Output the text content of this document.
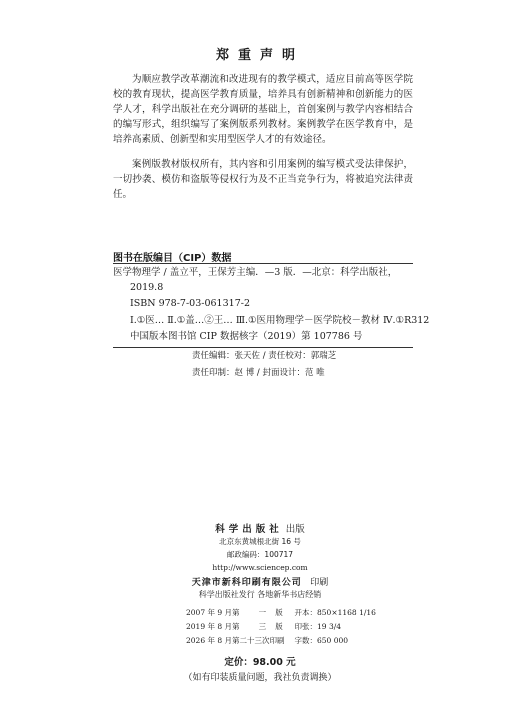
郑重声明

为顺应教学改革潮流和改进现有的教学模式，适应目前高等医学院校的教育现状，提高医学教育质量，培养具有创新精神和创新能力的医学人才，科学出版社在充分调研的基础上，首创案例与教学内容相结合的编写形式，组织编写了案例版系列教材。案例教学在医学教育中，是培养高素质、创新型和实用型医学人才的有效途径。

案例版教材版权所有，其内容和引用案例的编写模式受法律保护，一切抄袭、模仿和盗版等侵权行为及不正当竞争行为，将被追究法律责任。

图书在版编目（CIP）数据
医学物理学 / 盖立平，王保芳主编．—3 版．—北京：科学出版社，
2019.8
ISBN 978-7-03-061317-2
Ⅰ.①医… Ⅱ.①盖…②王… Ⅲ.①医用物理学－医学院校－教材 Ⅳ.①R312
中国版本图书馆 CIP 数据核字（2019）第 107786 号
责任编辑：张天佐 / 责任校对：郭瑞芝
责任印制：赵 博 / 封面设计：范 唯
科学出版社 出版
北京东黄城根北街 16 号
邮政编码：100717
http://www.sciencep.com
天津市新科印刷有限公司 印刷
科学出版社发行 各地新华书店经销
2007 年 9 月第	一	版	开本：850×1168 1/16
2019 年 8 月第	三	版	印张：19 3/4
2026 年 8 月第二十三次印刷			字数：650 000
定价：98.00 元
（如有印装质量问题，我社负责调换）
